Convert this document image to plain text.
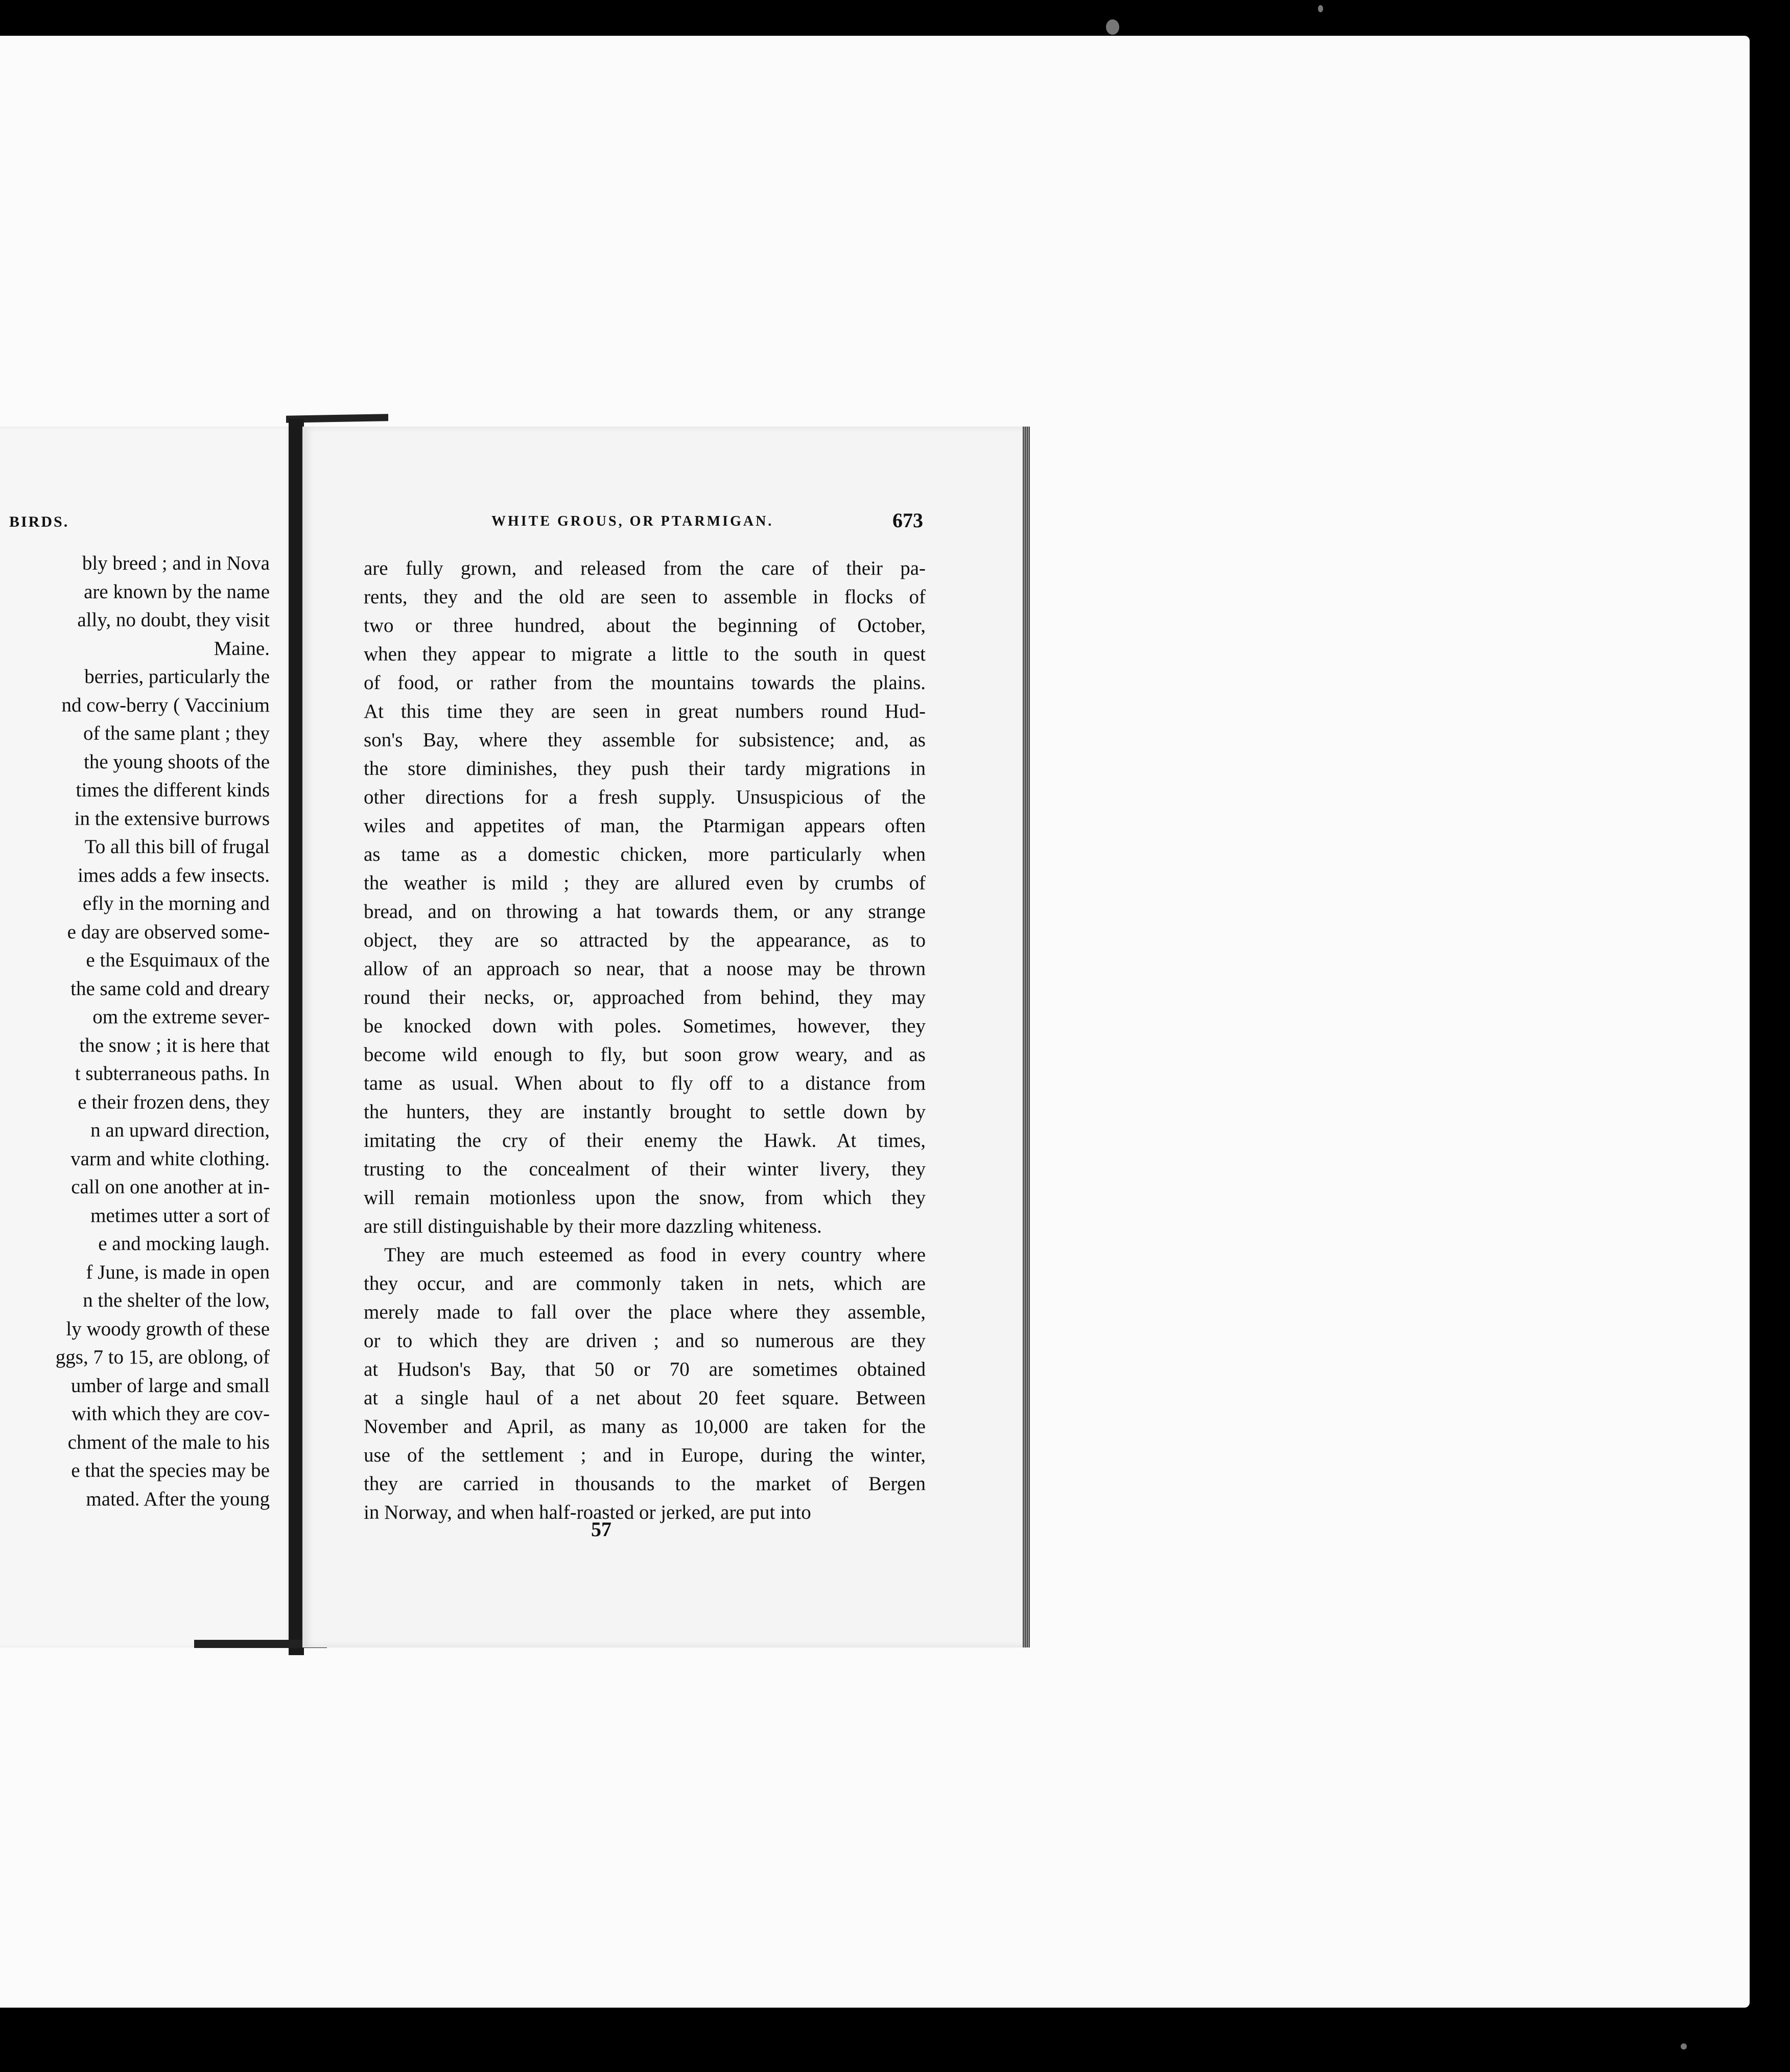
BIRDS.
bly breed ; and in Nova
are known by the name
ally, no doubt, they visit
Maine.
berries, particularly the
nd cow-berry ( Vaccinium
of the same plant ; they
the young shoots of the
times the different kinds
in the extensive burrows
To all this bill of frugal
imes adds a few insects.
efly in the morning and
e day are observed some-
e the Esquimaux of the
the same cold and dreary
om the extreme sever-
the snow ; it is here that
t subterraneous paths. In
e their frozen dens, they
n an upward direction,
varm and white clothing.
call on one another at in-
metimes utter a sort of
e and mocking laugh.
f June, is made in open
n the shelter of the low,
ly woody growth of these
ggs, 7 to 15, are oblong, of
umber of large and small
with which they are cov-
chment of the male to his
e that the species may be
mated. After the young
WHITE GROUS, OR PTARMIGAN.	673
are fully grown, and released from the care of their pa-
rents, they and the old are seen to assemble in flocks of
two or three hundred, about the beginning of October,
when they appear to migrate a little to the south in quest
of food, or rather from the mountains towards the plains.
At this time they are seen in great numbers round Hud-
son's Bay, where they assemble for subsistence; and, as
the store diminishes, they push their tardy migrations in
other directions for a fresh supply. Unsuspicious of the
wiles and appetites of man, the Ptarmigan appears often
as tame as a domestic chicken, more particularly when
the weather is mild ; they are allured even by crumbs of
bread, and on throwing a hat towards them, or any strange
object, they are so attracted by the appearance, as to
allow of an approach so near, that a noose may be thrown
round their necks, or, approached from behind, they may
be knocked down with poles. Sometimes, however, they
become wild enough to fly, but soon grow weary, and as
tame as usual. When about to fly off to a distance from
the hunters, they are instantly brought to settle down by
imitating the cry of their enemy the Hawk. At times,
trusting to the concealment of their winter livery, they
will remain motionless upon the snow, from which they
are still distinguishable by their more dazzling whiteness.
They are much esteemed as food in every country where
they occur, and are commonly taken in nets, which are
merely made to fall over the place where they assemble,
or to which they are driven ; and so numerous are they
at Hudson's Bay, that 50 or 70 are sometimes obtained
at a single haul of a net about 20 feet square. Between
November and April, as many as 10,000 are taken for the
use of the settlement ; and in Europe, during the winter,
they are carried in thousands to the market of Bergen
in Norway, and when half-roasted or jerked, are put into
57
